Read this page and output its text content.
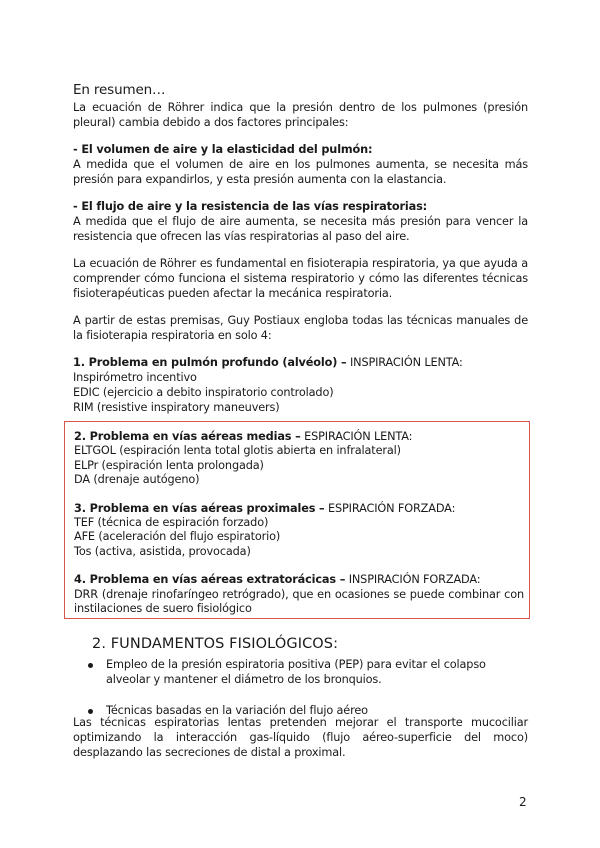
En resumen…

La ecuación de Röhrer indica que la presión dentro de los pulmones (presión pleural) cambia debido a dos factores principales:

- El volumen de aire y la elasticidad del pulmón:

A medida que el volumen de aire en los pulmones aumenta, se necesita más presión para expandirlos, y esta presión aumenta con la elastancia.

- El flujo de aire y la resistencia de las vías respiratorias:

A medida que el flujo de aire aumenta, se necesita más presión para vencer la resistencia que ofrecen las vías respiratorias al paso del aire.

La ecuación de Röhrer es fundamental en fisioterapia respiratoria, ya que ayuda a comprender cómo funciona el sistema respiratorio y cómo las diferentes técnicas fisioterapéuticas pueden afectar la mecánica respiratoria.

A partir de estas premisas, Guy Postiaux engloba todas las técnicas manuales de la fisioterapia respiratoria en solo 4:

1. Problema en pulmón profundo (alvéolo) – INSPIRACIÓN LENTA:

Inspirómetro incentivo

EDIC (ejercicio a debito inspiratorio controlado)

RIM (resistive inspiratory maneuvers)

2. Problema en vías aéreas medias – ESPIRACIÓN LENTA:

ELTGOL (espiración lenta total glotis abierta en infralateral)

ELPr (espiración lenta prolongada)

DA (drenaje autógeno)

3. Problema en vías aéreas proximales – ESPIRACIÓN FORZADA:

TEF (técnica de espiración forzado)

AFE (aceleración del flujo espiratorio)

Tos (activa, asistida, provocada)

4. Problema en vías aéreas extratorácicas – INSPIRACIÓN FORZADA:

DRR (drenaje rinofaríngeo retrógrado), que en ocasiones se puede combinar con instilaciones de suero fisiológico

2. FUNDAMENTOS FISIOLÓGICOS:

Empleo de la presión espiratoria positiva (PEP) para evitar el colapso alveolar y mantener el diámetro de los bronquios.
Técnicas basadas en la variación del flujo aéreo

Las técnicas espiratorias lentas pretenden mejorar el transporte mucociliar optimizando la interacción gas-líquido (flujo aéreo-superficie del moco) desplazando las secreciones de distal a proximal.

2
